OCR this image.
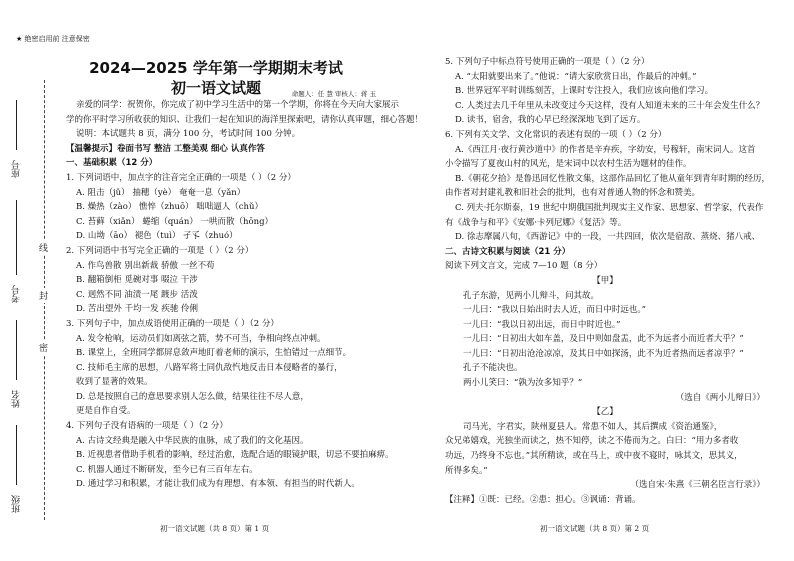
★ 绝密启用前 注意保密
座号
考号
姓名
班级
线
封
密

2024—2025 学年第一学期期末考试

初一语文试题	命题人：任 慧 审核人：蒋 玉

亲爱的同学：祝贺你，你完成了初中学习生活中的第一个学期，你将在今天向大家展示

学的你平时学习所收获的知识、让我们一起在知识的海洋里探索吧，请你认真审题，细心答题！

说明：本试题共 8 页，满分 100 分，考试时间 100 分钟。

【温馨提示】卷面书写 整洁 工整美观 细心 认真作答

一、基础积累（12 分）

1. 下列词语中，加点字的注音完全正确的一项是（ ）（2 分）

A. 阻击（jǔ） 抽穗（yè） 奄奄一息（yǎn）

B. 燥热（zào） 憔悴（zhuō） 咄咄逼人（chǔ）

C. 苔藓（xiǎn） 蜷缩（quán） 一哄而散（hōng）

D. 山坳（āo） 褪色（tuì） 孑孓（zhuó）

2. 下列词语中书写完全正确的一项是（ ）（2 分）

A. 作鸟兽散 别出新裁 骄傲 一丝不苟

B. 翻箱倒柜 觅碗对事 啜泣 干涉

C. 迥然不同 油渍一尾 踱步 活泼

D. 苦出望外 千均一发 疾驰 伶俐

3. 下列句子中，加点成语使用正确的一项是（ ）（2 分）

A. 发令枪响，运动员们如离弦之箭，势不可当，争相向终点冲刺。

B. 课堂上，全班同学都屏息敛声地盯着老师的演示，生怕错过一点细节。

C. 技师毛主席的思想，八路军将士同仇敌忾地反击日本侵略者的暴行，

收到了显著的效果。

D. 总是按照自己的意思要求别人怎么做，结果往往不尽人意，

更是自作自受。

4. 下列句子没有语病的一项是（ ）（2 分）

A. 古诗文经典是融入中华民族的血脉，成了我们的文化基因。

B. 近视患者借助手机看的影响，经过治愈，选配合适的眼镜护眼，切忌不要拍麻痹。

C. 机器人通过不断研发，至今已有三百年左右。

D. 通过学习和积累，才能让我们成为有理想、有本领、有担当的时代新人。

5. 下列句子中标点符号使用正确的一项是（ ）（2 分）

A. “太阳就要出来了。”他说：“请大家欣赏日出，作最后的冲刺。”

B. 世界冠军平时训练刻苦，上课时专注投入，我们应该向他们学习。

C. 人类过去几千年里从未改变过今天这样，没有人知道未来的三十年会发生什么？

D. 读书，宿舍，我的心早已经深深地飞到了远方。

6. 下列有关文学、文化常识的表述有误的一项（ ）（2 分）

A.《西江月·夜行黄沙道中》的作者是辛弃疾，字幼安，号稼轩，南宋词人。这首

小令描写了夏夜山村的风光，是宋词中以农村生活为题材的佳作。

B.《朝花夕拾》是鲁迅回忆性散文集，这部作品回忆了他从童年到青年时期的经历，

由作者对封建礼教和旧社会的批判，也有对普通人物的怀念和赞美。

C. 列夫·托尔斯泰，19 世纪中期俄国批判现实主义作家、思想家、哲学家，代表作

有《战争与和平》《安娜·卡列尼娜》《复活》等。

D. 徐志摩属八旬，《西游记》中的一段，一共四回，依次是宿敌、蒸烧、猪八戒、

二、古诗文积累与阅读（21 分）

阅读下列文言文，完成 7—10 题（8 分）

【甲】

孔子东游，见两小儿辩斗，问其故。

一儿曰：“我以日始出时去人近，而日中时远也。”

一儿曰：“我以日初出远，而日中时近也。”

一儿曰：“日初出大如车盖，及日中则如盘盂，此不为远者小而近者大乎？”

一儿曰：“日初出沧沧凉凉，及其日中如探汤，此不为近者热而远者凉乎？”

孔子不能决也。

两小儿笑曰：“孰为汝多知乎？”

（选自《两小儿辩日》）

【乙】

司马光，字君实，陕州夏县人。常患不如人，其后撰成《资治通鉴》，

众兄弟嬉戏，光独坐而读之，热不知停，读之不倦而为之。白曰：“用力多者收

功远，乃终身不忘也。”其所精读，或在马上，或中夜不寝时，咏其文，思其义，

所得多矣。”

（选自宋·朱熹《三朝名臣言行录》）

【注释】①既：已经。②患：担心。③讽诵：背诵。

初一语文试题（共 8 页）第 1 页	初一语文试题（共 8 页）第 2 页
